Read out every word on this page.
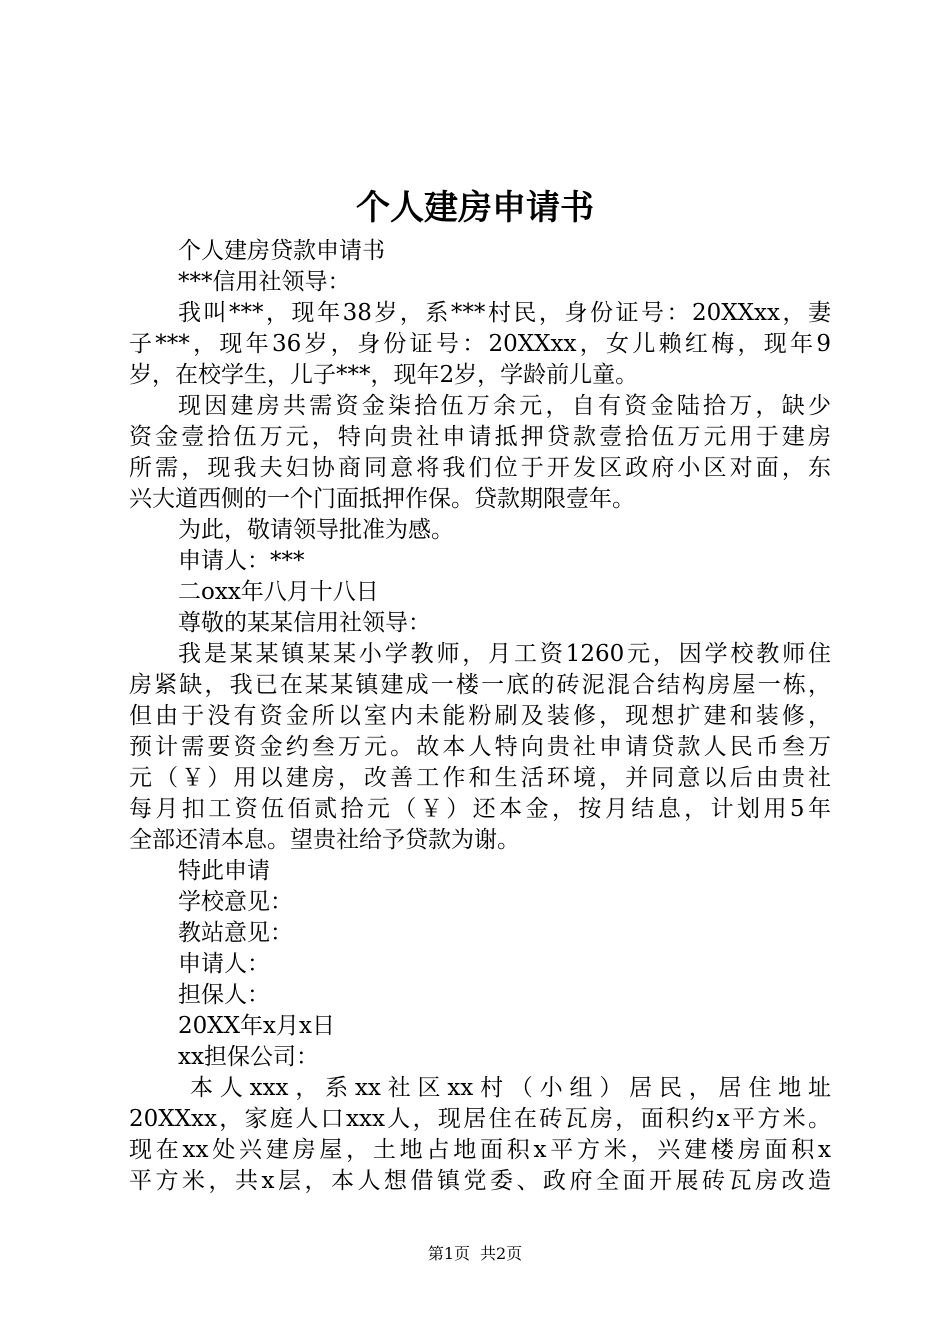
个人建房申请书
个人建房贷款申请书
***信用社领导：
我叫***，现年38岁，系***村民，身份证号：20XXxx，妻
子***，现年36岁，身份证号：20XXxx，女儿赖红梅，现年9
岁，在校学生，儿子***，现年2岁，学龄前儿童。
现因建房共需资金柒拾伍万余元，自有资金陆拾万，缺少
资金壹拾伍万元，特向贵社申请抵押贷款壹拾伍万元用于建房
所需，现我夫妇协商同意将我们位于开发区政府小区对面，东
兴大道西侧的一个门面抵押作保。贷款期限壹年。
为此，敬请领导批准为感。
申请人：***
二oxx年八月十八日
尊敬的某某信用社领导：
我是某某镇某某小学教师，月工资1260元，因学校教师住
房紧缺，我已在某某镇建成一楼一底的砖泥混合结构房屋一栋，
但由于没有资金所以室内未能粉刷及装修，现想扩建和装修，
预计需要资金约叁万元。故本人特向贵社申请贷款人民币叁万
元（￥）用以建房，改善工作和生活环境，并同意以后由贵社
每月扣工资伍佰贰拾元（￥）还本金，按月结息，计划用5年
全部还清本息。望贵社给予贷款为谢。
特此申请
学校意见：
教站意见：
申请人：
担保人：
20XX年x月x日
xx担保公司：
本人xxx，系xx社区xx村（小组）居民，居住地址
20XXxx，家庭人口xxx人，现居住在砖瓦房，面积约x平方米。
现在xx处兴建房屋，土地占地面积x平方米，兴建楼房面积x
平方米，共x层，本人想借镇党委、政府全面开展砖瓦房改造
第1页 共2页
